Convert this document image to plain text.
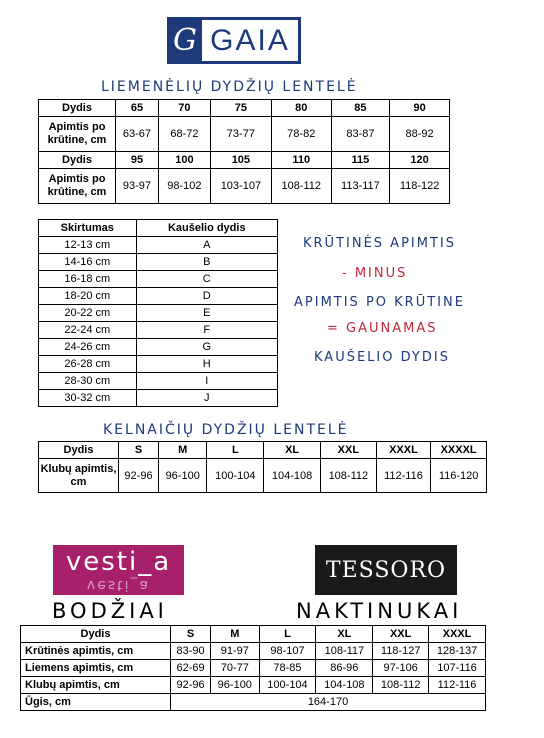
G GAIA
LIEMENĖLIŲ DYDŽIŲ LENTELĖ
Dydis	65	70	75	80	85	90
Apimtis po krūtine, cm	63-67	68-72	73-77	78-82	83-87	88-92
Dydis	95	100	105	110	115	120
Apimtis po krūtine, cm	93-97	98-102	103-107	108-112	113-117	118-122
Skirtumas	Kaušelio dydis
12-13 cm	A
14-16 cm	B
16-18 cm	C
18-20 cm	D
20-22 cm	E
22-24 cm	F
24-26 cm	G
26-28 cm	H
28-30 cm	I
30-32 cm	J
KRŪTINĖS APIMTIS
- MINUS
APIMTIS PO KRŪTINE
= GAUNAMAS
KAUŠELIO DYDIS
KELNAIČIŲ DYDŽIŲ LENTELĖ
Dydis	S	M	L	XL	XXL	XXXL	XXXXL
Klubų apimtis, cm	92-96	96-100	100-104	104-108	108-112	112-116	116-120
vesti_a
vesti_a
TESSORO
BODŽIAI	NAKTINUKAI
Dydis	S	M	L	XL	XXL	XXXL
Krūtinės apimtis, cm	83-90	91-97	98-107	108-117	118-127	128-137
Liemens apimtis, cm	62-69	70-77	78-85	86-96	97-106	107-116
Klubų apimtis, cm	92-96	96-100	100-104	104-108	108-112	112-116
Ūgis, cm	164-170					
